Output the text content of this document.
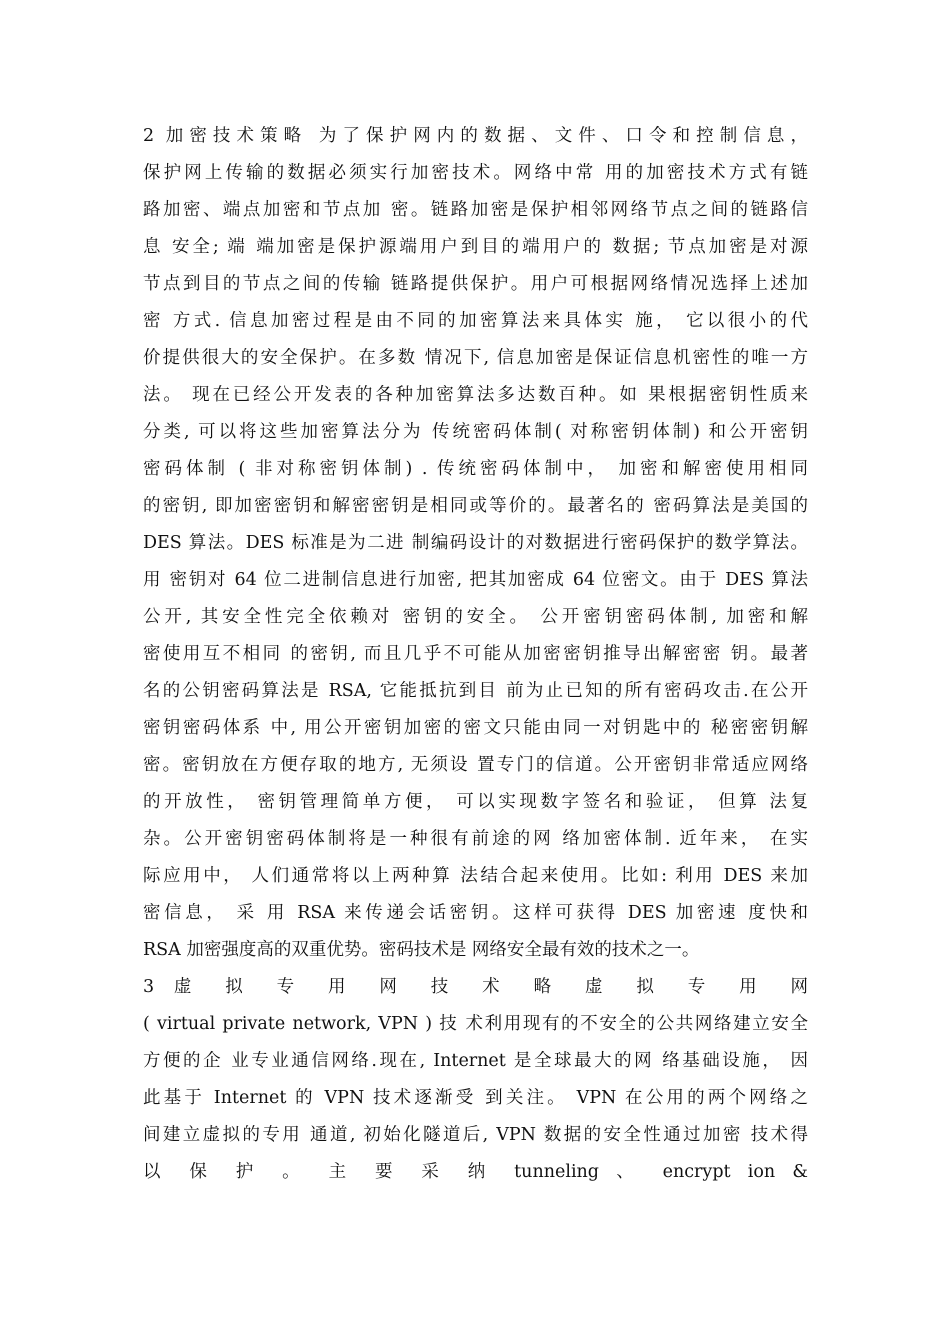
2 加密技术策略 为了保护网内的数据、文件、口令和控制信息，
保护网上传输的数据必须实行加密技术。网络中常 用的加密技术方式有链
路加密、端点加密和节点加 密。链路加密是保护相邻网络节点之间的链路信
息 安全; 端 端加密是保护源端用户到目的端用户的 数据; 节点加密是对源
节点到目的节点之间的传输 链路提供保护。用户可根据网络情况选择上述加
密 方式. 信息加密过程是由不同的加密算法来具体实 施， 它以很小的代
价提供很大的安全保护。在多数 情况下, 信息加密是保证信息机密性的唯一方
法。 现在已经公开发表的各种加密算法多达数百种。如 果根据密钥性质来
分类, 可以将这些加密算法分为 传统密码体制( 对称密钥体制) 和公开密钥
密码体制 ( 非对称密钥体制) . 传统密码体制中， 加密和解密使用相同
的密钥, 即加密密钥和解密密钥是相同或等价的。最著名的 密码算法是美国的
DES 算法。DES 标准是为二进 制编码设计的对数据进行密码保护的数学算法。
用 密钥对 64 位二进制信息进行加密, 把其加密成 64 位密文。由于 DES 算法
公开, 其安全性完全依赖对 密钥的安全。 公开密钥密码体制, 加密和解
密使用互不相同 的密钥, 而且几乎不可能从加密密钥推导出解密密 钥。最著
名的公钥密码算法是 RSA, 它能抵抗到目 前为止已知的所有密码攻击.在公开
密钥密码体系 中, 用公开密钥加密的密文只能由同一对钥匙中的 秘密密钥解
密。密钥放在方便存取的地方, 无须设 置专门的信道。公开密钥非常适应网络
的开放性， 密钥管理简单方便， 可以实现数字签名和验证， 但算 法复
杂。公开密钥密码体制将是一种很有前途的网 络加密体制. 近年来， 在实
际应用中， 人们通常将以上两种算 法结合起来使用。比如: 利用 DES 来加
密信息， 采 用 RSA 来传递会话密钥。这样可获得 DES 加密速 度快和
RSA 加密强度高的双重优势。密码技术是 网络安全最有效的技术之一。
3 虚 拟 专 用 网 技 术 略 虚 拟 专 用 网
( virtual private network, VPN ) 技 术利用现有的不安全的公共网络建立安全
方便的企 业专业通信网络.现在, Internet 是全球最大的网 络基础设施， 因
此基于 Internet 的 VPN 技术逐渐受 到关注。 VPN 在公用的两个网络之
间建立虚拟的专用 通道, 初始化隧道后, VPN 数据的安全性通过加密 技术得
以 保 护 。 主 要 采 纳 tunneling 、 encrypt ion &
